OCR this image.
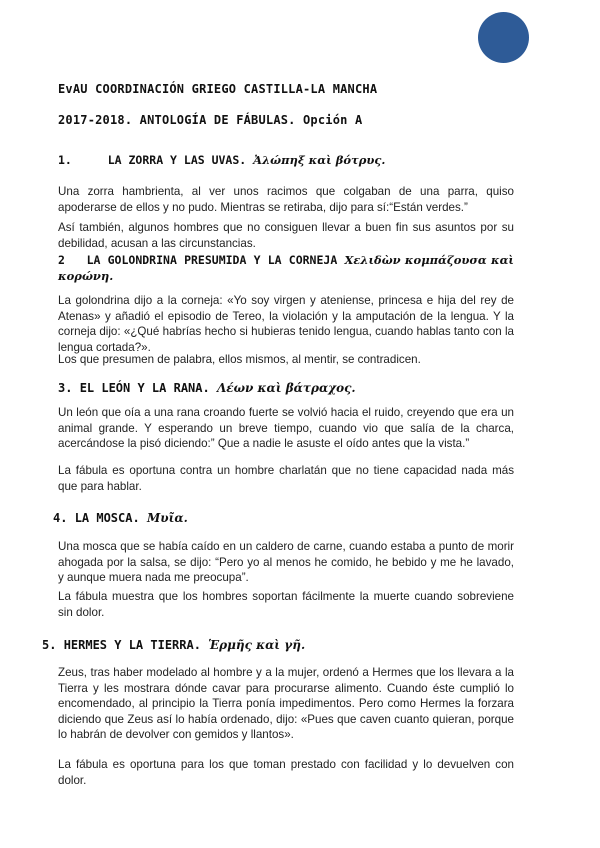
EvAU COORDINACIÓN GRIEGO CASTILLA-LA MANCHA
2017-2018. ANTOLOGÍA DE FÁBULAS. Opción A
1.	LA ZORRA Y LAS UVAS. Ἀλώπηξ καὶ βότρυς.

Una zorra hambrienta, al ver unos racimos que colgaban de una parra, quiso apoderarse de ellos y no pudo. Mientras se retiraba, dijo para sí:“Están verdes.”

Así también, algunos hombres que no consiguen llevar a buen fin sus asuntos por su debilidad, acusan a las circunstancias.

2 LA GOLONDRINA PRESUMIDA Y LA CORNEJA Χελιδὼν κομπάζουσα καὶ κορώνη.

La golondrina dijo a la corneja: «Yo soy virgen y ateniense, princesa e hija del rey de Atenas» y añadió el episodio de Tereo, la violación y la amputación de la lengua. Y la corneja dijo: «¿Qué habrías hecho si hubieras tenido lengua, cuando hablas tanto con la lengua cortada?».

Los que presumen de palabra, ellos mismos, al mentir, se contradicen.

3. EL LEÓN Y LA RANA. Λέων καὶ βάτραχος.

Un león que oía a una rana croando fuerte se volvió hacia el ruido, creyendo que era un animal grande. Y esperando un breve tiempo, cuando vio que salía de la charca, acercándose la pisó diciendo:” Que a nadie le asuste el oído antes que la vista.”

La fábula es oportuna contra un hombre charlatán que no tiene capacidad nada más que para hablar.

4. LA MOSCA. Μυῖα.

Una mosca que se había caído en un caldero de carne, cuando estaba a punto de morir ahogada por la salsa, se dijo: “Pero yo al menos he comido, he bebido y me he lavado, y aunque muera nada me preocupa”.

La fábula muestra que los hombres soportan fácilmente la muerte cuando sobreviene sin dolor.

5. HERMES Y LA TIERRA. Ἑρμῆς καὶ γῆ.

Zeus, tras haber modelado al hombre y a la mujer, ordenó a Hermes que los llevara a la Tierra y les mostrara dónde cavar para procurarse alimento. Cuando éste cumplió lo encomendado, al principio la Tierra ponía impedimentos. Pero como Hermes la forzara diciendo que Zeus así lo había ordenado, dijo: «Pues que caven cuanto quieran, porque lo habrán de devolver con gemidos y llantos».

La fábula es oportuna para los que toman prestado con facilidad y lo devuelven con dolor.
